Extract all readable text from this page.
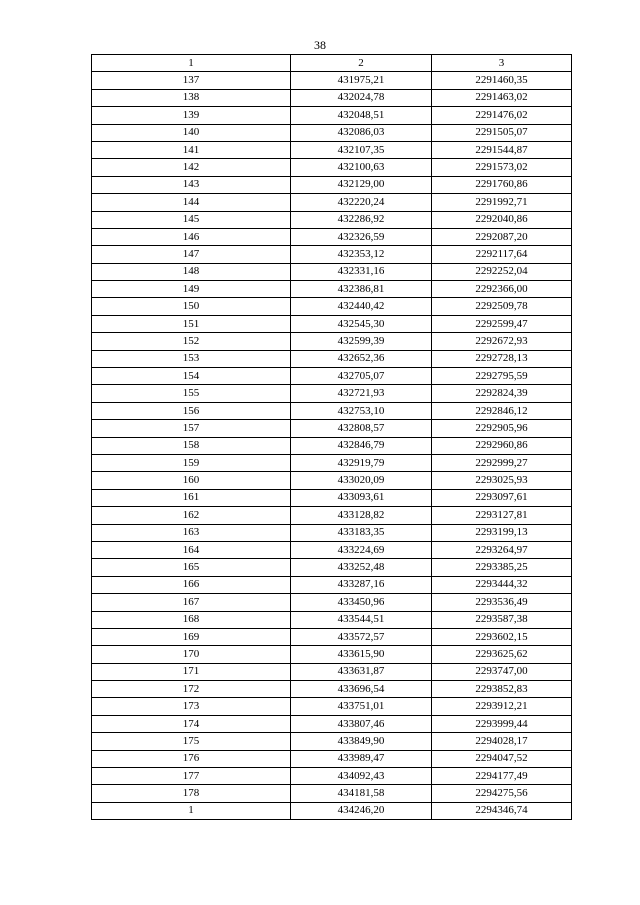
38
1	2	3
137	431975,21	2291460,35
138	432024,78	2291463,02
139	432048,51	2291476,02
140	432086,03	2291505,07
141	432107,35	2291544,87
142	432100,63	2291573,02
143	432129,00	2291760,86
144	432220,24	2291992,71
145	432286,92	2292040,86
146	432326,59	2292087,20
147	432353,12	2292117,64
148	432331,16	2292252,04
149	432386,81	2292366,00
150	432440,42	2292509,78
151	432545,30	2292599,47
152	432599,39	2292672,93
153	432652,36	2292728,13
154	432705,07	2292795,59
155	432721,93	2292824,39
156	432753,10	2292846,12
157	432808,57	2292905,96
158	432846,79	2292960,86
159	432919,79	2292999,27
160	433020,09	2293025,93
161	433093,61	2293097,61
162	433128,82	2293127,81
163	433183,35	2293199,13
164	433224,69	2293264,97
165	433252,48	2293385,25
166	433287,16	2293444,32
167	433450,96	2293536,49
168	433544,51	2293587,38
169	433572,57	2293602,15
170	433615,90	2293625,62
171	433631,87	2293747,00
172	433696,54	2293852,83
173	433751,01	2293912,21
174	433807,46	2293999,44
175	433849,90	2294028,17
176	433989,47	2294047,52
177	434092,43	2294177,49
178	434181,58	2294275,56
1	434246,20	2294346,74
